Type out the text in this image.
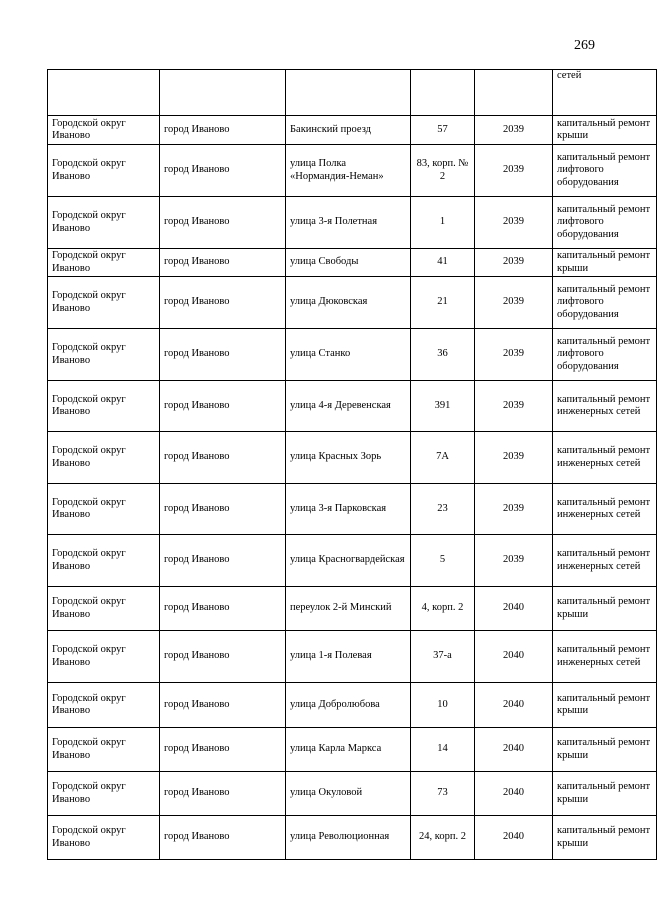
269
					сетей
Городской округ Иваново	город Иваново	Бакинский проезд	57	2039	капитальный ремонт крыши
Городской округ Иваново	город Иваново	улица Полка «Нормандия-Неман»	83, корп. № 2	2039	капитальный ремонт лифтового оборудования
Городской округ Иваново	город Иваново	улица 3-я Полетная	1	2039	капитальный ремонт лифтового оборудования
Городской округ Иваново	город Иваново	улица Свободы	41	2039	капитальный ремонт крыши
Городской округ Иваново	город Иваново	улица Дюковская	21	2039	капитальный ремонт лифтового оборудования
Городской округ Иваново	город Иваново	улица Станко	36	2039	капитальный ремонт лифтового оборудования
Городской округ Иваново	город Иваново	улица 4-я Деревенская	391	2039	капитальный ремонт инженерных сетей
Городской округ Иваново	город Иваново	улица Красных Зорь	7А	2039	капитальный ремонт инженерных сетей
Городской округ Иваново	город Иваново	улица 3-я Парковская	23	2039	капитальный ремонт инженерных сетей
Городской округ Иваново	город Иваново	улица Красногвардейская	5	2039	капитальный ремонт инженерных сетей
Городской округ Иваново	город Иваново	переулок 2-й Минский	4, корп. 2	2040	капитальный ремонт крыши
Городской округ Иваново	город Иваново	улица 1-я Полевая	37-а	2040	капитальный ремонт инженерных сетей
Городской округ Иваново	город Иваново	улица Добролюбова	10	2040	капитальный ремонт крыши
Городской округ Иваново	город Иваново	улица Карла Маркса	14	2040	капитальный ремонт крыши
Городской округ Иваново	город Иваново	улица Окуловой	73	2040	капитальный ремонт крыши
Городской округ Иваново	город Иваново	улица Революционная	24, корп. 2	2040	капитальный ремонт крыши
